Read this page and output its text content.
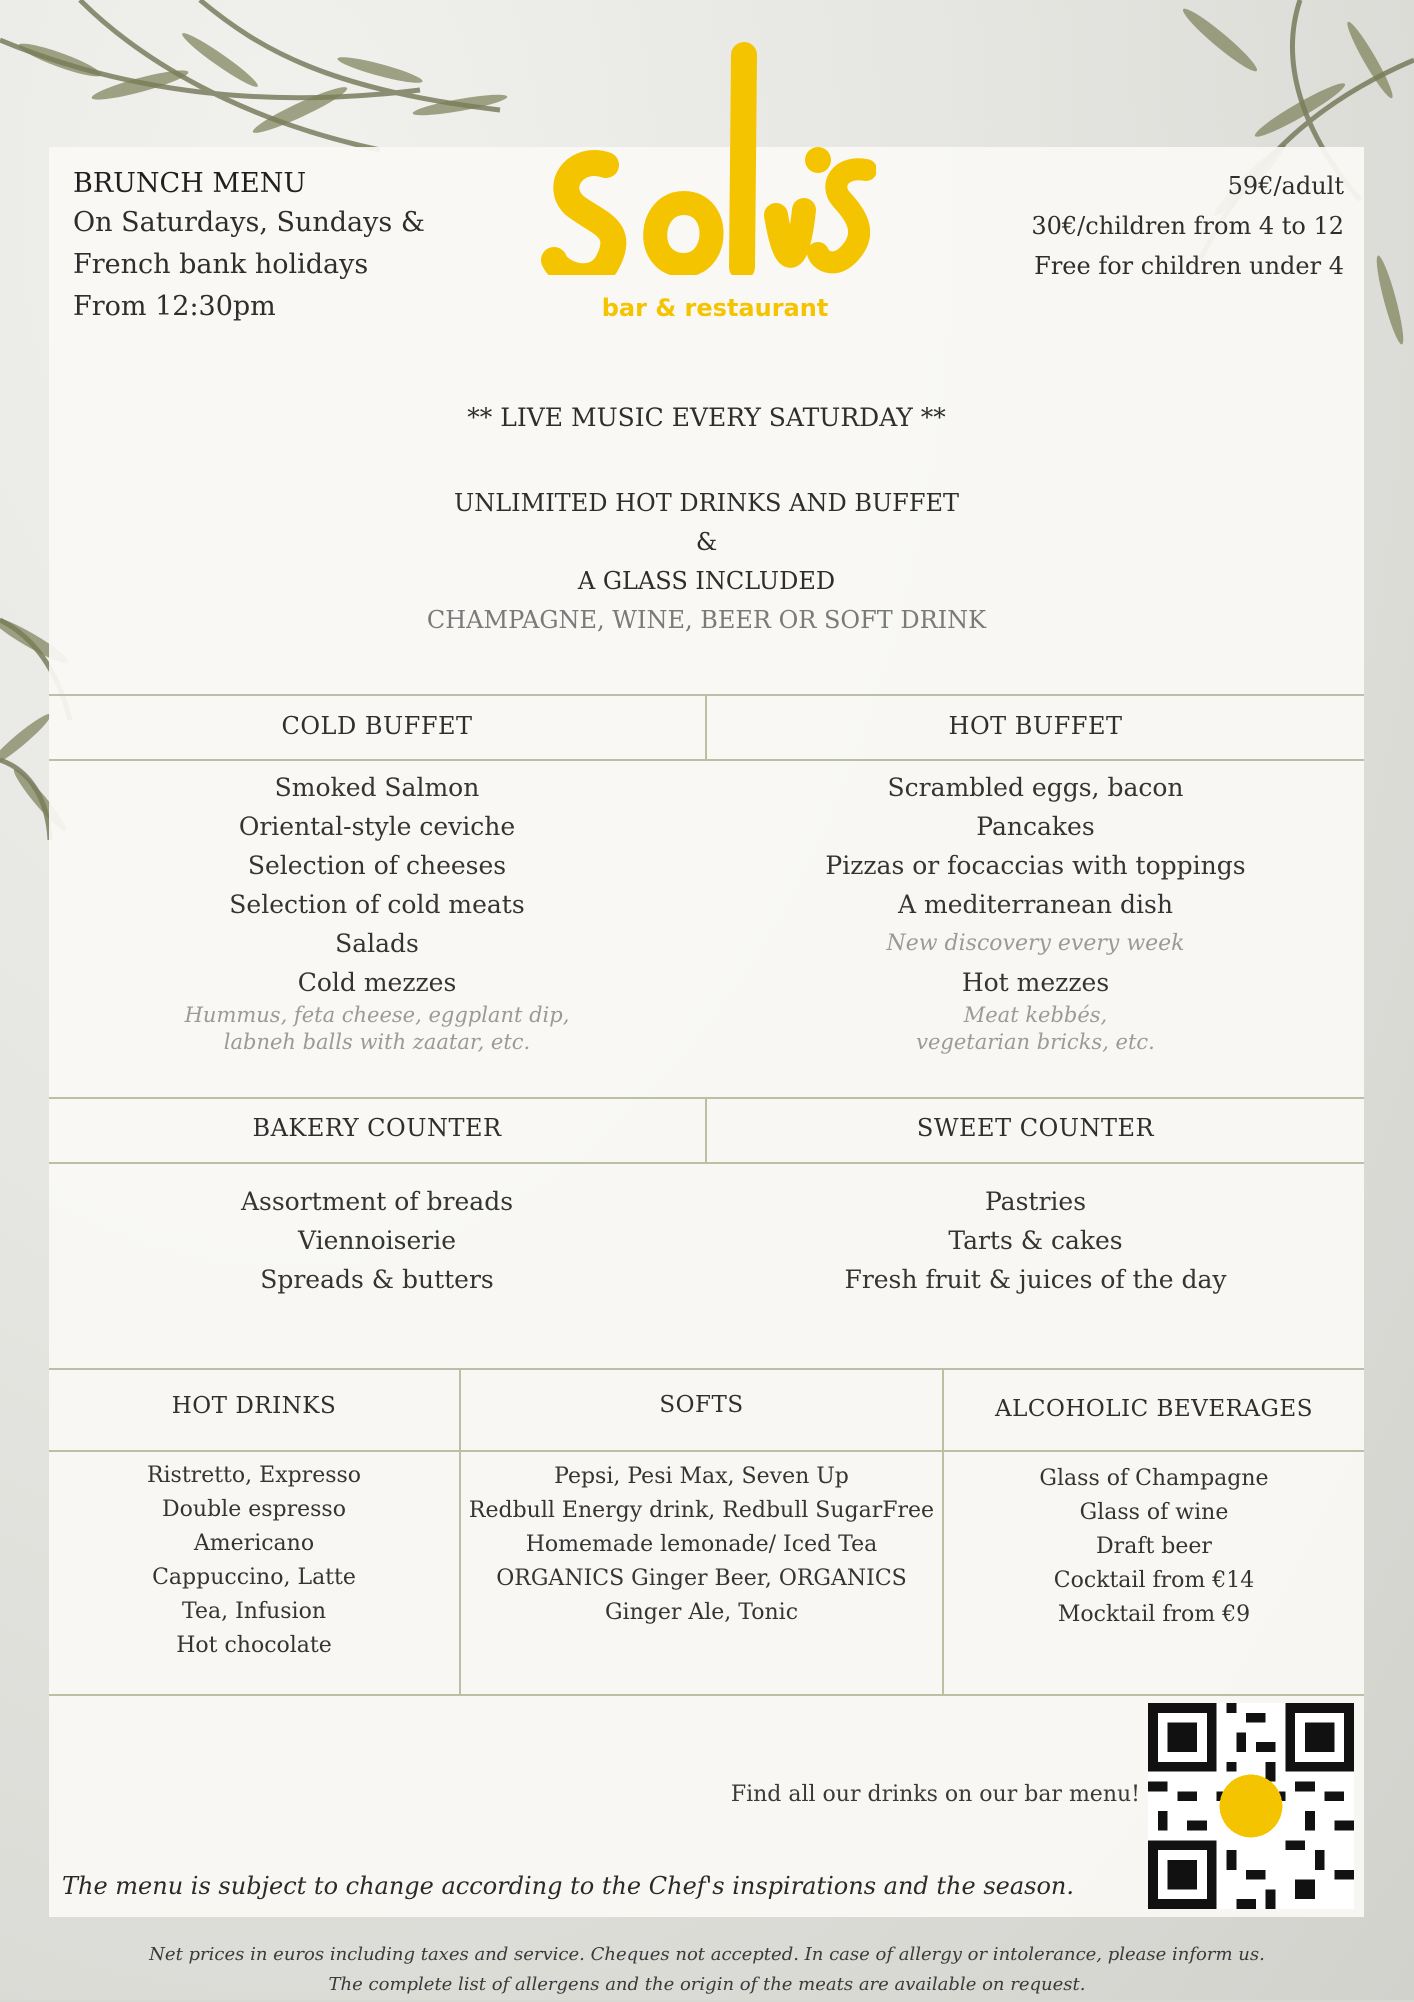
BRUNCH MENU
On Saturdays, Sundays &
French bank holidays
From 12:30pm	bar & restaurant
59€/adult
30€/children from 4 to 12
Free for children under 4
** LIVE MUSIC EVERY SATURDAY **
UNLIMITED HOT DRINKS AND BUFFET
&
A GLASS INCLUDED
CHAMPAGNE, WINE, BEER OR SOFT DRINK
COLD BUFFET
Smoked Salmon
Oriental-style ceviche
Selection of cheeses
Selection of cold meats
Salads
Cold mezzes
Hummus, feta cheese, eggplant dip,
labneh balls with zaatar, etc.
HOT BUFFET
Scrambled eggs, bacon
Pancakes
Pizzas or focaccias with toppings
A mediterranean dish
New discovery every week
Hot mezzes
Meat kebbés,
vegetarian bricks, etc.
BAKERY COUNTER
Assortment of breads
Viennoiserie
Spreads & butters
SWEET COUNTER
Pastries
Tarts & cakes
Fresh fruit & juices of the day
HOT DRINKS
Ristretto, Expresso
Double espresso
Americano
Cappuccino, Latte
Tea, Infusion
Hot chocolate
SOFTS
Pepsi, Pesi Max, Seven Up
Redbull Energy drink, Redbull SugarFree
Homemade lemonade/ Iced Tea
ORGANICS Ginger Beer, ORGANICS
Ginger Ale, Tonic
ALCOHOLIC BEVERAGES
Glass of Champagne
Glass of wine
Draft beer
Cocktail from €14
Mocktail from €9
Find all our drinks on our bar menu!
The menu is subject to change according to the Chef's inspirations and the season.
Net prices in euros including taxes and service. Cheques not accepted. In case of allergy or intolerance, please inform us.
The complete list of allergens and the origin of the meats are available on request.
